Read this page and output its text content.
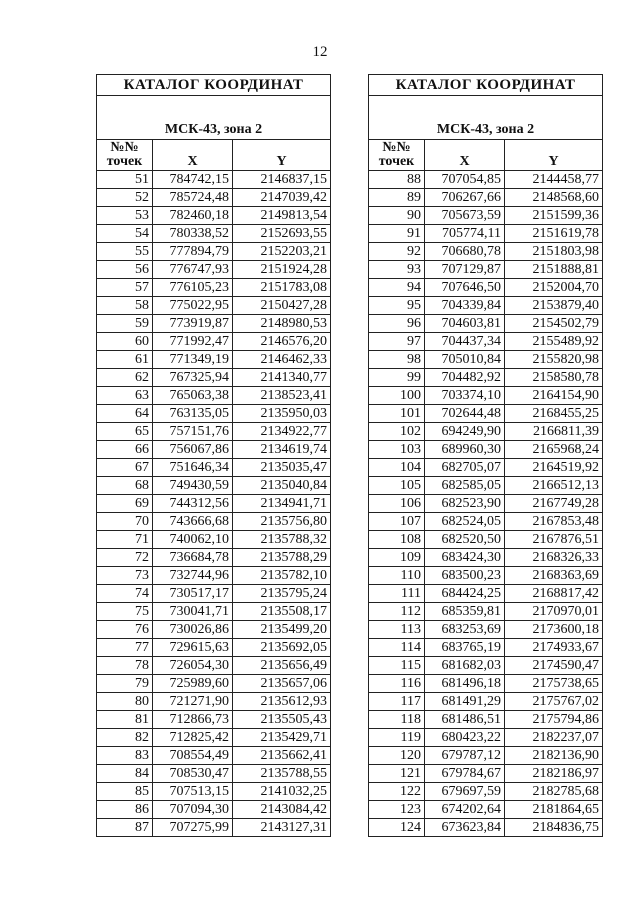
12
КАТАЛОГ КООРДИНАТ		
МСК-43, зона 2		
№№
точек	X	Y
51	784742,15	2146837,15
52	785724,48	2147039,42
53	782460,18	2149813,54
54	780338,52	2152693,55
55	777894,79	2152203,21
56	776747,93	2151924,28
57	776105,23	2151783,08
58	775022,95	2150427,28
59	773919,87	2148980,53
60	771992,47	2146576,20
61	771349,19	2146462,33
62	767325,94	2141340,77
63	765063,38	2138523,41
64	763135,05	2135950,03
65	757151,76	2134922,77
66	756067,86	2134619,74
67	751646,34	2135035,47
68	749430,59	2135040,84
69	744312,56	2134941,71
70	743666,68	2135756,80
71	740062,10	2135788,32
72	736684,78	2135788,29
73	732744,96	2135782,10
74	730517,17	2135795,24
75	730041,71	2135508,17
76	730026,86	2135499,20
77	729615,63	2135692,05
78	726054,30	2135656,49
79	725989,60	2135657,06
80	721271,90	2135612,93
81	712866,73	2135505,43
82	712825,42	2135429,71
83	708554,49	2135662,41
84	708530,47	2135788,55
85	707513,15	2141032,25
86	707094,30	2143084,42
87	707275,99	2143127,31
КАТАЛОГ КООРДИНАТ		
МСК-43, зона 2		
№№
точек	X	Y
88	707054,85	2144458,77
89	706267,66	2148568,60
90	705673,59	2151599,36
91	705774,11	2151619,78
92	706680,78	2151803,98
93	707129,87	2151888,81
94	707646,50	2152004,70
95	704339,84	2153879,40
96	704603,81	2154502,79
97	704437,34	2155489,92
98	705010,84	2155820,98
99	704482,92	2158580,78
100	703374,10	2164154,90
101	702644,48	2168455,25
102	694249,90	2166811,39
103	689960,30	2165968,24
104	682705,07	2164519,92
105	682585,05	2166512,13
106	682523,90	2167749,28
107	682524,05	2167853,48
108	682520,50	2167876,51
109	683424,30	2168326,33
110	683500,23	2168363,69
111	684424,25	2168817,42
112	685359,81	2170970,01
113	683253,69	2173600,18
114	683765,19	2174933,67
115	681682,03	2174590,47
116	681496,18	2175738,65
117	681491,29	2175767,02
118	681486,51	2175794,86
119	680423,22	2182237,07
120	679787,12	2182136,90
121	679784,67	2182186,97
122	679697,59	2182785,68
123	674202,64	2181864,65
124	673623,84	2184836,75
